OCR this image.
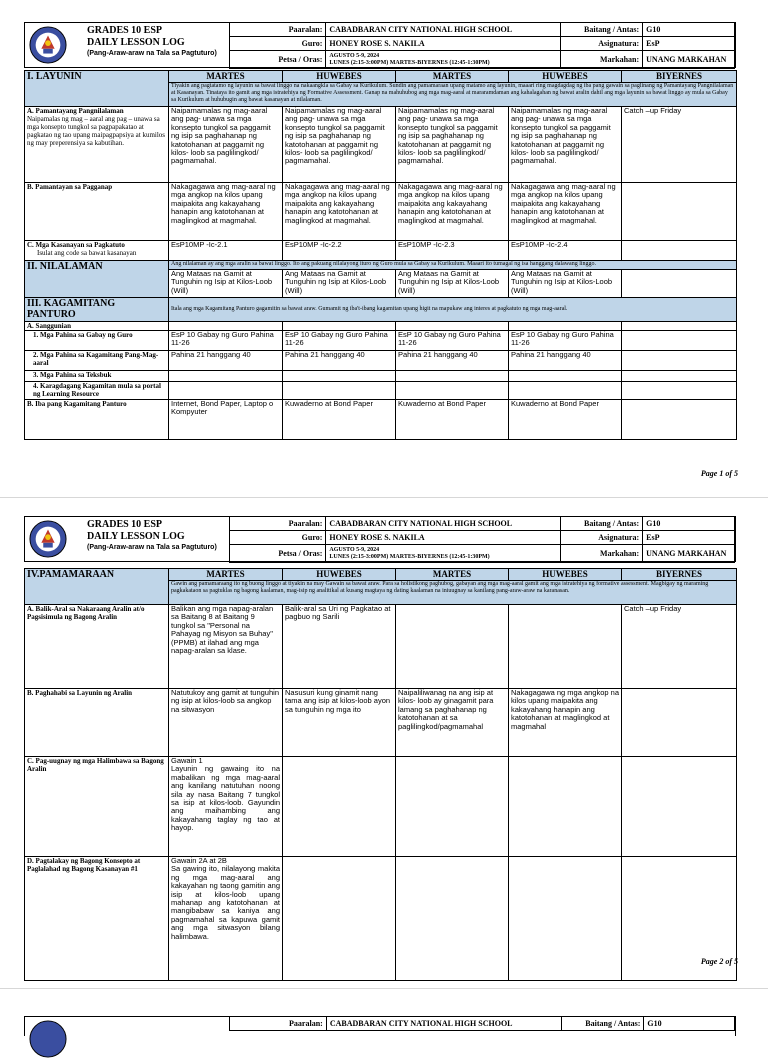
GRADES 10 ESP
DAILY LESSON LOG
(Pang-Araw-araw na Tala sa Pagtuturo)
Paaralan:	CABADBARAN CITY NATIONAL HIGH SCHOOL	Baitang / Antas:	G10
Guro:	HONEY ROSE S. NAKILA	Asignatura:	EsP
Petsa / Oras:	AGUSTO 5-9, 2024
LUNES (2:15-3:00PM) MARTES-BIYERNES (12:45-1:30PM)	Markahan:	UNANG MARKAHAN
I. LAYUNIN	MARTES	HUWEBES	MARTES	HUWEBES	BIYERNES
	Tiyakin ang pagtatamo ng layunin sa bawat linggo na nakaangkla sa Gabay sa Kurikulum. Sundin ang pamamaraan upang matamo ang layunin, maaari ring magdagdag ng iba pang gawain sa paglinang ng Pamantayang Pangnilalaman at Kasanayan. Tinataya ito gamit ang mga istratehiya ng Formative Assessment. Ganap na mahuhubog ang mga mag-aaral at mararamdaman ang kahalagahan ng bawat aralin dahil ang mga layunin sa bawat linggo ay mula sa Gabay sa Kurikulum at huhubugin ang bawat kasanayan at nilalaman.				

A. Pamantayang Pangnilalaman
Naipamalas ng mag – aaral ang pag – unawa sa mga konsepto tungkol sa pagpapakatao at pagkatao ng tao upang maipagpapsiya at kumilos ng may preperensiya sa kabutihan.	Naipamamalas ng mag-aaral ang pag- unawa sa mga konsepto tungkol sa paggamit ng isip sa paghahanap ng katotohanan at paggamit ng kilos- loob sa paglilingkod/ pagmamahal.	Naipamamalas ng mag-aaral ang pag- unawa sa mga konsepto tungkol sa paggamit ng isip sa paghahanap ng katotohanan at paggamit ng kilos- loob sa paglilingkod/ pagmamahal.	Naipamamalas ng mag-aaral ang pag- unawa sa mga konsepto tungkol sa paggamit ng isip sa paghahanap ng katotohanan at paggamit ng kilos- loob sa paglilingkod/ pagmamahal.	Naipamamalas ng mag-aaral ang pag- unawa sa mga konsepto tungkol sa paggamit ng isip sa paghahanap ng katotohanan at paggamit ng kilos- loob sa paglilingkod/ pagmamahal.	Catch –up Friday
B. Pamantayan sa Pagganap	Nakagagawa ang mag-aaral ng mga angkop na kilos upang maipakita ang kakayahang hanapin ang katotohanan at maglingkod at magmahal.	Nakagagawa ang mag-aaral ng mga angkop na kilos upang maipakita ang kakayahang hanapin ang katotohanan at maglingkod at magmahal.	Nakagagawa ang mag-aaral ng mga angkop na kilos upang maipakita ang kakayahang hanapin ang katotohanan at maglingkod at magmahal.	Nakagagawa ang mag-aaral ng mga angkop na kilos upang maipakita ang kakayahang hanapin ang katotohanan at maglingkod at magmahal.	

C. Mga Kasanayan sa Pagkatuto
Isulat ang code sa bawat kasanayan	EsP10MP -Ic-2.1	EsP10MP -Ic-2.2	EsP10MP -Ic-2.3	EsP10MP -Ic-2.4	
II. NILALAMAN	Ang nilalaman ay ang mga aralin sa bawat linggo. Ito ang pakuang nilalayong ituro ng Guro mula sa Gabay sa Kurikulum. Maaari ito tumagal ng isa hanggang dalawang linggo.				
	Ang Mataas na Gamit at Tunguhin ng Isip at Kilos-Loob (Will)	Ang Mataas na Gamit at Tunguhin ng Isip at Kilos-Loob (Will)	Ang Mataas na Gamit at Tunguhin ng Isip at Kilos-Loob (Will)	Ang Mataas na Gamit at Tunguhin ng Isip at Kilos-Loob (Will)	
III. KAGAMITANG PANTURO	Itala ang mga Kagamitang Panturo gagamitin sa bawat araw. Gumamit ng iba't-ibang kagamitan upang higit na mapukaw ang interes at pagkatuto ng mga mag-aaral.				
A. Sanggunian					
1. Mga Pahina sa Gabay ng Guro	EsP 10 Gabay ng Guro Pahina 11-26	EsP 10 Gabay ng Guro Pahina 11-26	EsP 10 Gabay ng Guro Pahina 11-26	EsP 10 Gabay ng Guro Pahina 11-26	
2. Mga Pahina sa Kagamitang Pang-Mag-aaral	Pahina 21 hanggang 40	Pahina 21 hanggang 40	Pahina 21 hanggang 40	Pahina 21 hanggang 40	
3. Mga Pahina sa Teksbuk					
4. Karagdagang Kagamitan mula sa portal ng Learning Resource					
B. Iba pang Kagamitang Panturo	Internet, Bond Paper, Laptop o Kompyuter	Kuwaderno at Bond Paper	Kuwaderno at Bond Paper	Kuwaderno at Bond Paper	
Page 1 of 5
GRADES 10 ESP
DAILY LESSON LOG
(Pang-Araw-araw na Tala sa Pagtuturo)
Paaralan:	CABADBARAN CITY NATIONAL HIGH SCHOOL	Baitang / Antas:	G10
Guro:	HONEY ROSE S. NAKILA	Asignatura:	EsP
Petsa / Oras:	AGUSTO 5-9, 2024
LUNES (2:15-3:00PM) MARTES-BIYERNES (12:45-1:30PM)	Markahan:	UNANG MARKAHAN
IV.PAMAMARAAN	MARTES	HUWEBES	MARTES	HUWEBES	BIYERNES
	Gawin ang pamamaraang ito ng buong linggo at tiyakin na may Gawain sa bawat araw. Para sa holistikong paghubog, gabayan ang mga mag-aaral gamit ang mga istratehiya ng formative assessment. Magbigay ng maraming pagkakataon sa pagtuklas ng bagong kaalaman, mag-isip ng analitikal at kusang magtaya ng dating kaalaman na iniuugnay sa kanilang pang-araw-araw na karanasan.				
A. Balik-Aral sa Nakaraang Aralin at/o Pagsisimula ng Bagong Aralin	Balikan ang mga napag-aralan sa Baitang 8 at Baitang 9 tungkol sa "Personal na Pahayag ng Misyon sa Buhay" (PPMB) at ilahad ang mga napag-aralan sa klase.	Balik-aral sa Uri ng Pagkatao at pagbuo ng Sarili			Catch –up Friday
B. Paghahabi sa Layunin ng Aralin	Natutukoy ang gamit at tunguhin ng isip at kilos-loob sa angkop na sitwasyon	Nasusuri kung ginamit nang tama ang isip at kilos-loob ayon sa tunguhin ng mga ito	Naipaliliwanag na ang isip at kilos- loob ay ginagamit para lamang sa paghahanap ng katotohanan at sa paglilingkod/pagmamahal	Nakagagawa ng mga angkop na kilos upang maipakita ang kakayahang hanapin ang katotohanan at maglingkod at magmahal	
C. Pag-uugnay ng mga Halimbawa sa Bagong Aralin	Gawain 1
Layunin ng gawaing ito na mabalikan ng mga mag-aaral ang kanilang natutuhan noong sila ay nasa Baitang 7 tungkol sa isip at kilos-loob. Gayundin ang maihambing ang kakayahang taglay ng tao at hayop.				
D. Pagtalakay ng Bagong Konsepto at Paglalahad ng Bagong Kasanayan #1	Gawain 2A at 2B
Sa gawing ito, nilalayong makita ng mga mag-aaral ang kakayahan ng taong gamitin ang isip at kilos-loob upang mahanap ang katotohanan at mangibabaw sa kaniya ang pagmamahal sa kapuwa gamit ang mga sitwasyon bilang halimbawa.				
Page 2 of 5
Paaralan:	CABADBARAN CITY NATIONAL HIGH SCHOOL	Baitang / Antas:	G10
